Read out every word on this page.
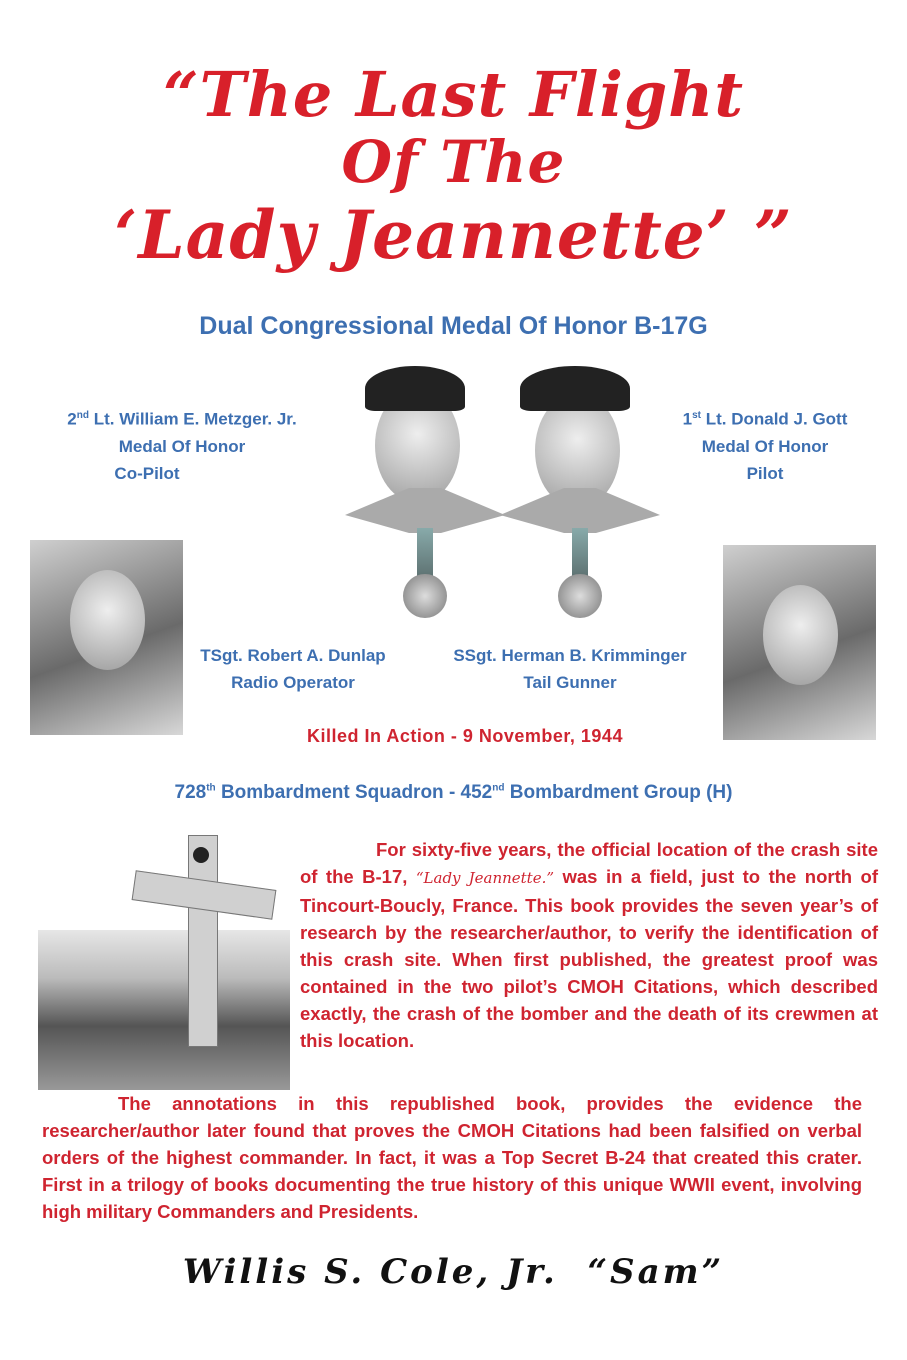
“The Last Flight
Of The
‘Lady Jeannette’ ”
Dual Congressional Medal Of Honor B-17G
2nd Lt. William E. Metzger. Jr.
Medal Of Honor
Co-Pilot
1st Lt. Donald J. Gott
Medal Of Honor
Pilot
TSgt. Robert A. Dunlap
Radio Operator
SSgt. Herman B. Krimminger
Tail Gunner
Killed In Action - 9 November, 1944
728th Bombardment Squadron - 452nd Bombardment Group (H)
For sixty-five years, the official location of the crash site of the B-17, “Lady Jeannette.” was in a field, just to the north of Tincourt-Boucly, France. This book provides the seven year’s of research by the researcher/author, to verify the identification of this crash site. When first published, the greatest proof was contained in the two pilot’s CMOH Citations, which described exactly, the crash of the bomber and the death of its crewmen at this location.
The annotations in this republished book, provides the evidence the researcher/author later found that proves the CMOH Citations had been falsified on verbal orders of the highest commander. In fact, it was a Top Secret B-24 that created this crater. First in a trilogy of books documenting the true history of this unique WWII event, involving high military Commanders and Presidents.
Willis S. Cole, Jr.  “Sam”
